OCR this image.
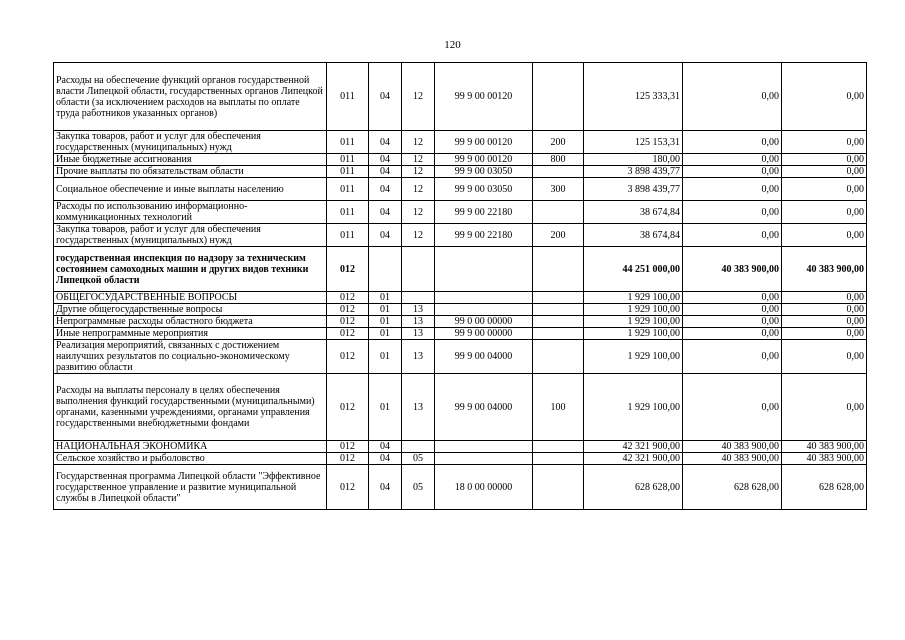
120
Расходы на обеспечение функций органов государственной власти Липецкой области, государственных органов Липецкой области (за исключением расходов на выплаты по оплате труда работников указанных органов)	011	04	12	99 9 00 00120		125 333,31	0,00	0,00
Закупка товаров, работ и услуг для обеспечения государственных (муниципальных) нужд	011	04	12	99 9 00 00120	200	125 153,31	0,00	0,00
Иные бюджетные ассигнования	011	04	12	99 9 00 00120	800	180,00	0,00	0,00
Прочие выплаты по обязательствам области	011	04	12	99 9 00 03050		3 898 439,77	0,00	0,00
Социальное обеспечение и иные выплаты населению	011	04	12	99 9 00 03050	300	3 898 439,77	0,00	0,00
Расходы по использованию информационно-коммуникационных технологий	011	04	12	99 9 00 22180		38 674,84	0,00	0,00
Закупка товаров, работ и услуг для обеспечения государственных (муниципальных) нужд	011	04	12	99 9 00 22180	200	38 674,84	0,00	0,00
государственная инспекция по надзору за техническим состоянием самоходных машин и других видов техники Липецкой области	012					44 251 000,00	40 383 900,00	40 383 900,00
ОБЩЕГОСУДАРСТВЕННЫЕ ВОПРОСЫ	012	01				1 929 100,00	0,00	0,00
Другие общегосударственные вопросы	012	01	13			1 929 100,00	0,00	0,00
Непрограммные расходы областного бюджета	012	01	13	99 0 00 00000		1 929 100,00	0,00	0,00
Иные непрограммные мероприятия	012	01	13	99 9 00 00000		1 929 100,00	0,00	0,00
Реализация мероприятий, связанных с достижением наилучших результатов по социально-экономическому развитию области	012	01	13	99 9 00 04000		1 929 100,00	0,00	0,00
Расходы на выплаты персоналу в целях обеспечения выполнения функций государственными (муниципальными) органами, казенными учреждениями, органами управления государственными внебюджетными фондами	012	01	13	99 9 00 04000	100	1 929 100,00	0,00	0,00
НАЦИОНАЛЬНАЯ ЭКОНОМИКА	012	04				42 321 900,00	40 383 900,00	40 383 900,00
Сельское хозяйство и рыболовство	012	04	05			42 321 900,00	40 383 900,00	40 383 900,00
Государственная программа Липецкой области "Эффективное государственное управление и развитие муниципальной службы в Липецкой области"	012	04	05	18 0 00 00000		628 628,00	628 628,00	628 628,00
